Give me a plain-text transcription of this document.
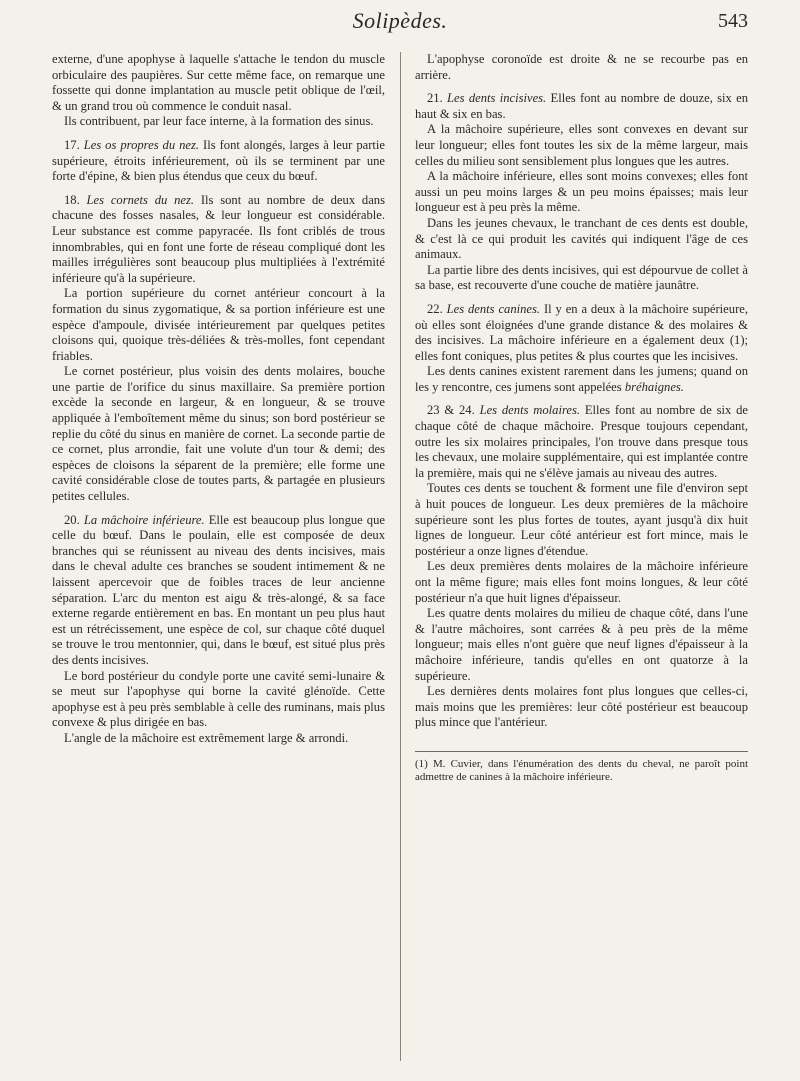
Solipèdes.	543

externe, d'une apophyse à laquelle s'attache le tendon du muscle orbiculaire des paupières. Sur cette même face, on remarque une fossette qui donne implantation au muscle petit oblique de l'œil, & un grand trou où commence le conduit nasal.

Ils contribuent, par leur face interne, à la formation des sinus.

17. Les os propres du nez. Ils font alongés, larges à leur partie supérieure, étroits inférieurement, où ils se terminent par une forte d'épine, & bien plus étendus que ceux du bœuf.

18. Les cornets du nez. Ils sont au nombre de deux dans chacune des fosses nasales, & leur longueur est considérable. Leur substance est comme papyracée. Ils font criblés de trous innombrables, qui en font une forte de réseau compliqué dont les mailles irrégulières sont beaucoup plus multipliées à l'extrémité inférieure qu'à la supérieure.

La portion supérieure du cornet antérieur concourt à la formation du sinus zygomatique, & sa portion inférieure est une espèce d'ampoule, divisée intérieurement par quelques petites cloisons qui, quoique très-déliées & très-molles, font cependant friables.

Le cornet postérieur, plus voisin des dents molaires, bouche une partie de l'orifice du sinus maxillaire. Sa première portion excède la seconde en largeur, & en longueur, & se trouve appliquée à l'emboîtement même du sinus; son bord postérieur se replie du côté du sinus en manière de cornet. La seconde partie de ce cornet, plus arrondie, fait une volute d'un tour & demi; des espèces de cloisons la séparent de la première; elle forme une cavité considérable close de toutes parts, & partagée en plusieurs petites cellules.

20. La mâchoire inférieure. Elle est beaucoup plus longue que celle du bœuf. Dans le poulain, elle est composée de deux branches qui se réunissent au niveau des dents incisives, mais dans le cheval adulte ces branches se soudent intimement & ne laissent apercevoir que de foibles traces de leur ancienne séparation. L'arc du menton est aigu & très-alongé, & sa face externe regarde entièrement en bas. En montant un peu plus haut est un rétrécissement, une espèce de col, sur chaque côté duquel se trouve le trou mentonnier, qui, dans le bœuf, est situé plus près des dents incisives.

Le bord postérieur du condyle porte une cavité semi-lunaire & se meut sur l'apophyse qui borne la cavité glénoïde. Cette apophyse est à peu près semblable à celle des ruminans, mais plus convexe & plus dirigée en bas.

L'angle de la mâchoire est extrêmement large & arrondi.

L'apophyse coronoïde est droite & ne se recourbe pas en arrière.

21. Les dents incisives. Elles font au nombre de douze, six en haut & six en bas.

A la mâchoire supérieure, elles sont convexes en devant sur leur longueur; elles font toutes les six de la même largeur, mais celles du milieu sont sensiblement plus longues que les autres.

A la mâchoire inférieure, elles sont moins convexes; elles font aussi un peu moins larges & un peu moins épaisses; mais leur longueur est à peu près la même.

Dans les jeunes chevaux, le tranchant de ces dents est double, & c'est là ce qui produit les cavités qui indiquent l'âge de ces animaux.

La partie libre des dents incisives, qui est dépourvue de collet à sa base, est recouverte d'une couche de matière jaunâtre.

22. Les dents canines. Il y en a deux à la mâchoire supérieure, où elles sont éloignées d'une grande distance & des molaires & des incisives. La mâchoire inférieure en a également deux (1); elles font coniques, plus petites & plus courtes que les incisives.

Les dents canines existent rarement dans les jumens; quand on les y rencontre, ces jumens sont appelées bréhaignes.

23 & 24. Les dents molaires. Elles font au nombre de six de chaque côté de chaque mâchoire. Presque toujours cependant, outre les six molaires principales, l'on trouve dans presque tous les chevaux, une molaire supplémentaire, qui est implantée contre la première, mais qui ne s'élève jamais au niveau des autres.

Toutes ces dents se touchent & forment une file d'environ sept à huit pouces de longueur. Les deux premières de la mâchoire supérieure sont les plus fortes de toutes, ayant jusqu'à dix huit lignes de longueur. Leur côté antérieur est fort mince, mais le postérieur a onze lignes d'étendue.

Les deux premières dents molaires de la mâchoire inférieure ont la même figure; mais elles font moins longues, & leur côté postérieur n'a que huit lignes d'épaisseur.

Les quatre dents molaires du milieu de chaque côté, dans l'une & l'autre mâchoires, sont carrées & à peu près de la même longueur; mais elles n'ont guère que neuf lignes d'épaisseur à la mâchoire inférieure, tandis qu'elles en ont quatorze à la supérieure.

Les dernières dents molaires font plus longues que celles-ci, mais moins que les premières: leur côté postérieur est beaucoup plus mince que l'antérieur.

(1) M. Cuvier, dans l'énumération des dents du cheval, ne paroît point admettre de canines à la mâchoire inférieure.
